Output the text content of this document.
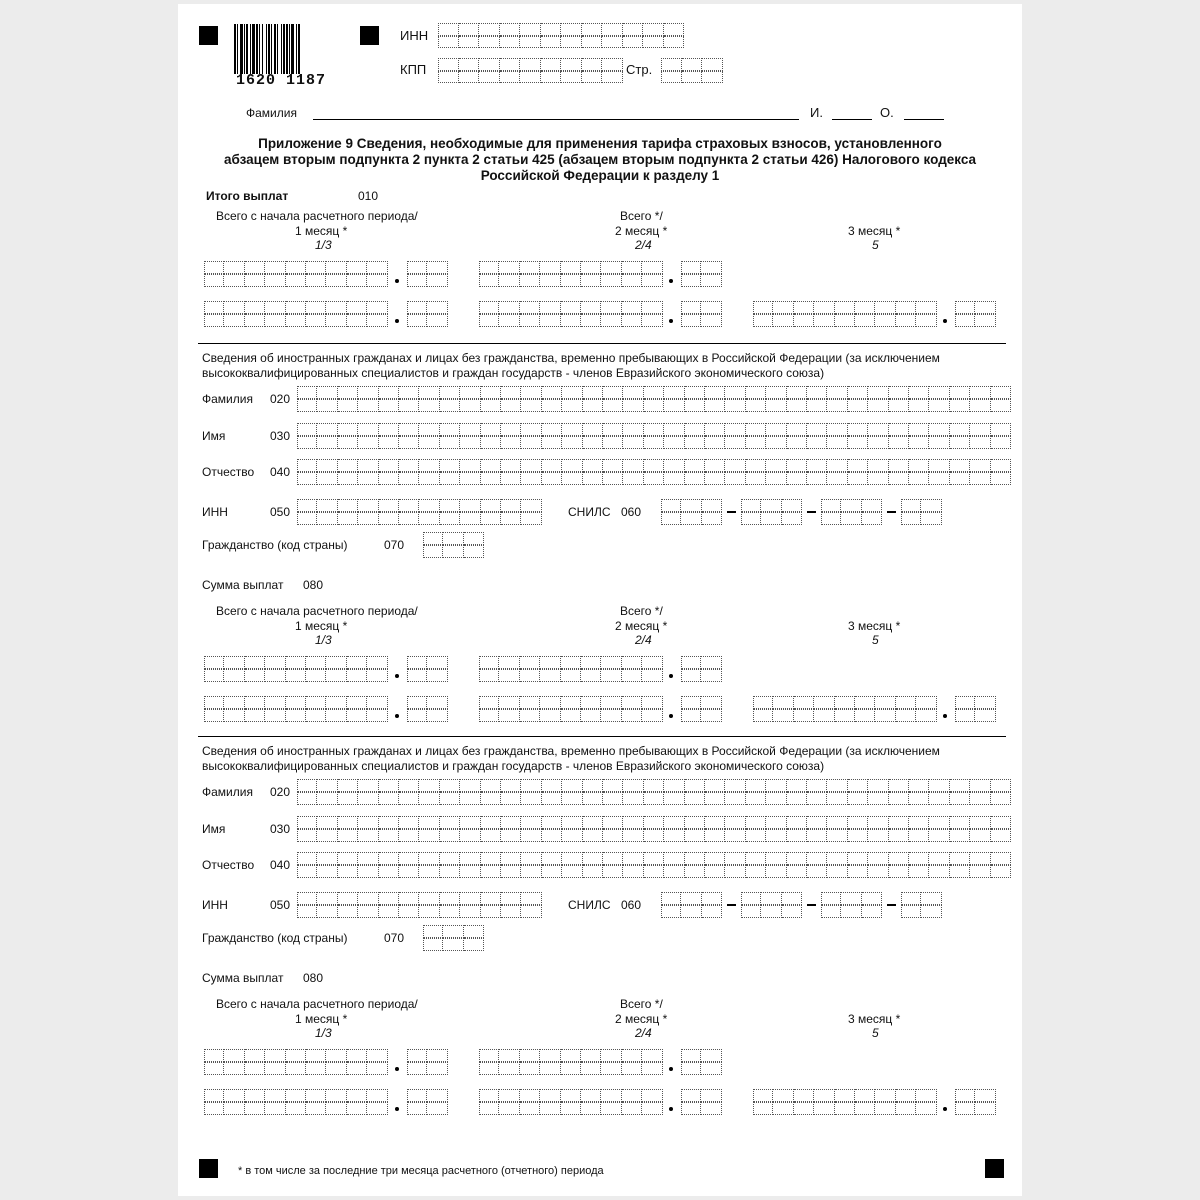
1620 1187
ИНН
КПП	Стр.
Фамилия	И.	О.
Приложение 9 Сведения, необходимые для применения тарифа страховых взносов, установленного
абзацем вторым подпункта 2 пункта 2 статьи 425 (абзацем вторым подпункта 2 статьи 426) Налогового кодекса
Российской Федерации к разделу 1
Итого выплат	010
Всего с начала расчетного периода/
1 месяц *
1/3
Всего */
2 месяц *
2/4
3 месяц *
5
Сведения об иностранных гражданах и лицах без гражданства, временно пребывающих в Российской Федерации (за исключением
высококвалифицированных специалистов и граждан государств - членов Евразийского экономического союза)
Фамилия 020
Имя	030
Отчество 040
ИНН	050	СНИЛС 060
Гражданство (код страны)	070
Сумма выплат 080
Всего с начала расчетного периода/
1 месяц *
1/3
Всего */
2 месяц *
2/4
3 месяц *
5
Сведения об иностранных гражданах и лицах без гражданства, временно пребывающих в Российской Федерации (за исключением
высококвалифицированных специалистов и граждан государств - членов Евразийского экономического союза)
Фамилия 020
Имя	030
Отчество 040
ИНН	050	СНИЛС 060
Гражданство (код страны)	070
Сумма выплат 080
Всего с начала расчетного периода/
1 месяц *
1/3
Всего */
2 месяц *
2/4
3 месяц *
5
* в том числе за последние три месяца расчетного (отчетного) периода
